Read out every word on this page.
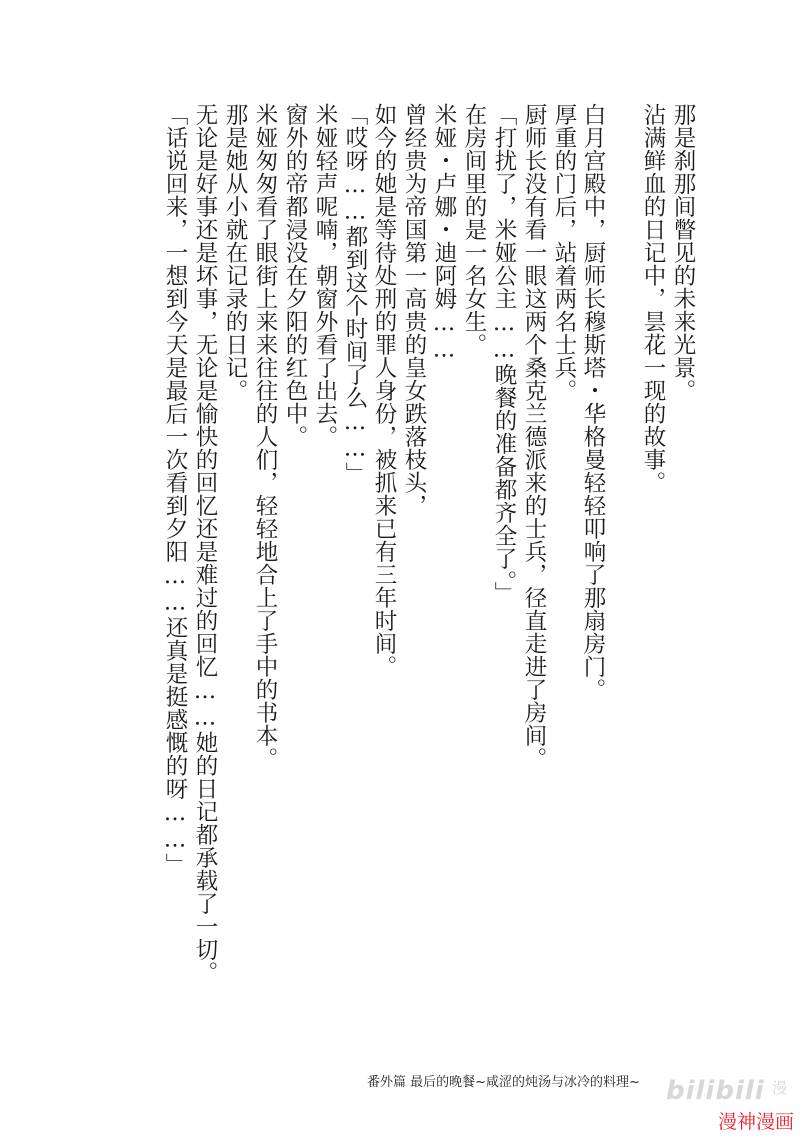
那是刹那间瞥见的未来光景。

沾满鲜血的日记中，昙花一现的故事。

白月宫殿中，厨师长穆斯塔・华格曼轻轻叩响了那扇房门。

厚重的门后，站着两名士兵。

厨师长没有看一眼这两个桑克兰德派来的士兵，径直走进了房间。

「打扰了，米娅公主……晚餐的准备都齐全了。」

在房间里的是一名女生。

米娅・卢娜・迪阿姆……

曾经贵为帝国第一高贵的皇女跌落枝头，

如今的她是等待处刑的罪人身份，被抓来已有三年时间。

「哎呀……都到这个时间了么……」

米娅轻声呢喃，朝窗外看了出去。

窗外的帝都浸没在夕阳的红色中。

米娅匆匆看了眼街上来来往往的人们，轻轻地合上了手中的书本。

那是她从小就在记录的日记。

无论是好事还是坏事，无论是愉快的回忆还是难过的回忆……她的日记都承载了一切。

「话说回来，一想到今天是最后一次看到夕阳……还真是挺感慨的呀……」

番外篇 最后的晚餐~咸涩的炖汤与冰冷的料理~ bilibili 漫
漫神漫画
